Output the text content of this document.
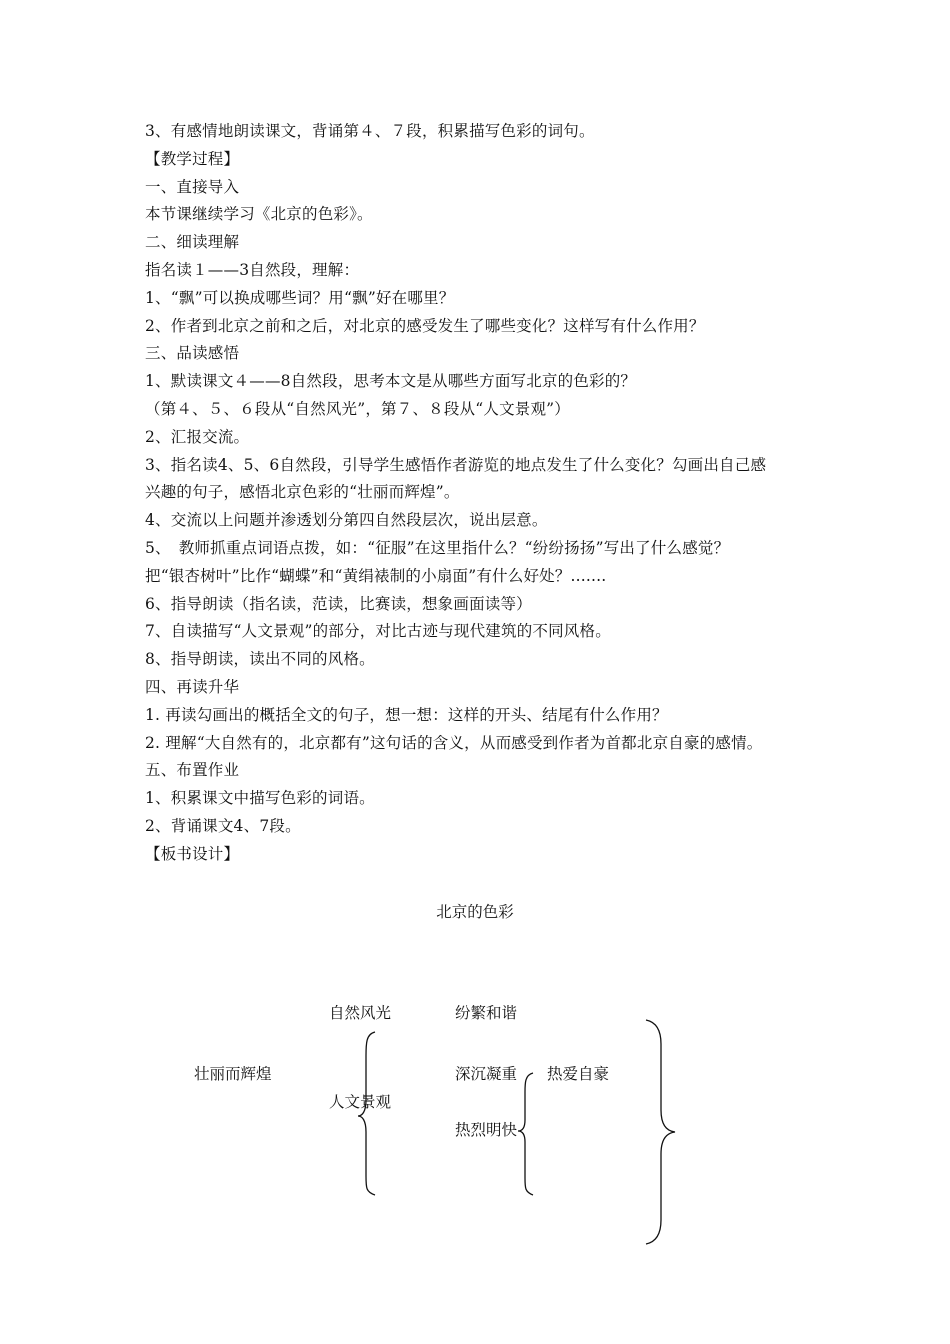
3、有感情地朗读课文，背诵第４、７段，积累描写色彩的词句。
【教学过程】
一、直接导入
本节课继续学习《北京的色彩》。
二、细读理解
指名读１——3自然段，理解：
1、“飘”可以换成哪些词？用“飘”好在哪里？
2、作者到北京之前和之后，对北京的感受发生了哪些变化？这样写有什么作用？
三、品读感悟
1、默读课文４——8自然段，思考本文是从哪些方面写北京的色彩的？
（第４、５、６段从“自然风光”，第７、８段从“人文景观”）
2、汇报交流。
3、指名读4、5、6自然段，引导学生感悟作者游览的地点发生了什么变化？勾画出自己感
兴趣的句子，感悟北京色彩的“壮丽而辉煌”。
4、交流以上问题并渗透划分第四自然段层次，说出层意。
5、　教师抓重点词语点拨，如：“征服”在这里指什么？“纷纷扬扬”写出了什么感觉？
把“银杏树叶”比作“蝴蝶”和“黄绢裱制的小扇面”有什么好处？.......
6、指导朗读（指名读，范读，比赛读，想象画面读等）
7、自读描写“人文景观”的部分，对比古迹与现代建筑的不同风格。
8、指导朗读，读出不同的风格。
四、再读升华
1. 再读勾画出的概括全文的句子，想一想：这样的开头、结尾有什么作用？
2. 理解“大自然有的，北京都有”这句话的含义，从而感受到作者为首都北京自豪的感情。
五、布置作业
1、积累课文中描写色彩的词语。
2、背诵课文4、7段。
【板书设计】
北京的色彩
壮丽而辉煌
自然风光
人文景观
纷繁和谐
深沉凝重
热烈明快
热爱自豪
